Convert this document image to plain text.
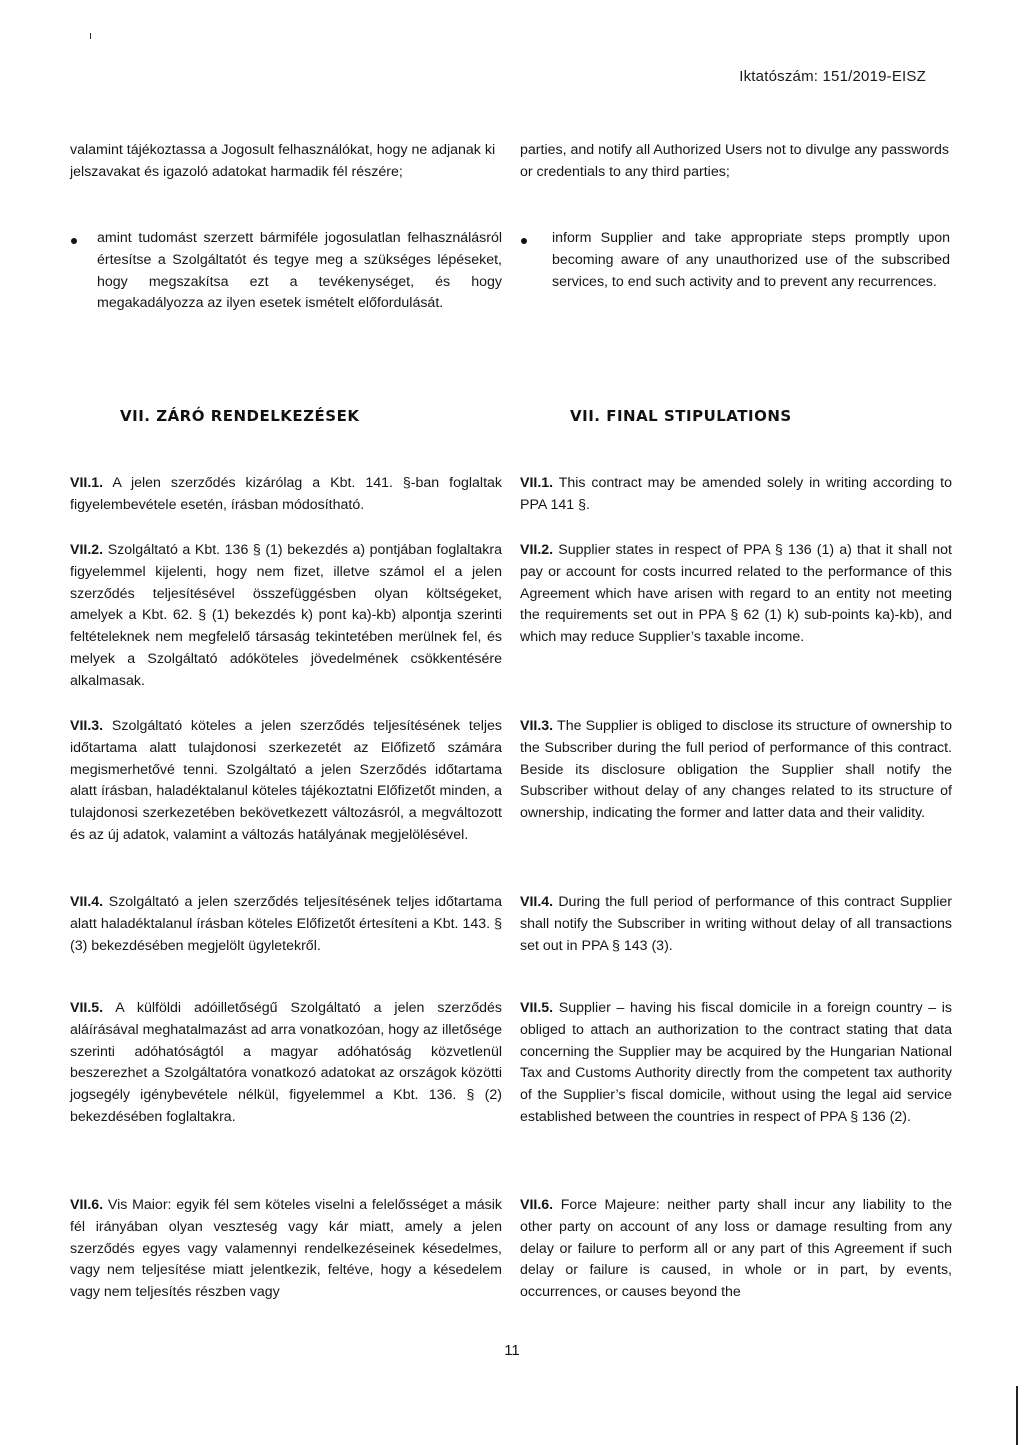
ı
Iktatószám: 151/2019-EISZ
valamint tájékoztassa a Jogosult felhasználókat, hogy ne adjanak ki jelszavakat és igazoló adatokat harmadik fél részére;
parties, and notify all Authorized Users not to divulge any passwords or credentials to any third parties;
amint tudomást szerzett bármiféle jogosulatlan felhasználásról értesítse a Szolgáltatót és tegye meg a szükséges lépéseket, hogy megszakítsa ezt a tevékenységet, és hogy megakadályozza az ilyen esetek ismételt előfordulását.
inform Supplier and take appropriate steps promptly upon becoming aware of any unauthorized use of the subscribed services, to end such activity and to prevent any recurrences.
VII. ZÁRÓ RENDELKEZÉSEK	VII. FINAL STIPULATIONS
VII.1. A jelen szerződés kizárólag a Kbt. 141. §-ban foglaltak figyelembevétele esetén, írásban módosítható.
VII.1. This contract may be amended solely in writing according to PPA 141 §.
VII.2. Szolgáltató a Kbt. 136 § (1) bekezdés a) pontjában foglaltakra figyelemmel kijelenti, hogy nem fizet, illetve számol el a jelen szerződés teljesítésével összefüggésben olyan költségeket, amelyek a Kbt. 62. § (1) bekezdés k) pont ka)-kb) alpontja szerinti feltételeknek nem megfelelő társaság tekintetében merülnek fel, és melyek a Szolgáltató adóköteles jövedelmének csökkentésére alkalmasak.
VII.2. Supplier states in respect of PPA § 136 (1) a) that it shall not pay or account for costs incurred related to the performance of this Agreement which have arisen with regard to an entity not meeting the requirements set out in PPA § 62 (1) k) sub-points ka)-kb), and which may reduce Supplier’s taxable income.
VII.3. Szolgáltató köteles a jelen szerződés teljesítésének teljes időtartama alatt tulajdonosi szerkezetét az Előfizető számára megismerhetővé tenni. Szolgáltató a jelen Szerződés időtartama alatt írásban, haladéktalanul köteles tájékoztatni Előfizetőt minden, a tulajdonosi szerkezetében bekövetkezett változásról, a megváltozott és az új adatok, valamint a változás hatályának megjelölésével.
VII.3. The Supplier is obliged to disclose its structure of ownership to the Subscriber during the full period of performance of this contract. Beside its disclosure obligation the Supplier shall notify the Subscriber without delay of any changes related to its structure of ownership, indicating the former and latter data and their validity.
VII.4. Szolgáltató a jelen szerződés teljesítésének teljes időtartama alatt haladéktalanul írásban köteles Előfizetőt értesíteni a Kbt. 143. § (3) bekezdésében megjelölt ügyletekről.
VII.4. During the full period of performance of this contract Supplier shall notify the Subscriber in writing without delay of all transactions set out in PPA § 143 (3).
VII.5. A külföldi adóilletőségű Szolgáltató a jelen szerződés aláírásával meghatalmazást ad arra vonatkozóan, hogy az illetősége szerinti adóhatóságtól a magyar adóhatóság közvetlenül beszerezhet a Szolgáltatóra vonatkozó adatokat az országok közötti jogsegély igénybevétele nélkül, figyelemmel a Kbt. 136. § (2) bekezdésében foglaltakra.
VII.5. Supplier – having his fiscal domicile in a foreign country – is obliged to attach an authorization to the contract stating that data concerning the Supplier may be acquired by the Hungarian National Tax and Customs Authority directly from the competent tax authority of the Supplier’s fiscal domicile, without using the legal aid service established between the countries in respect of PPA § 136 (2).
VII.6. Vis Maior: egyik fél sem köteles viselni a felelősséget a másik fél irányában olyan veszteség vagy kár miatt, amely a jelen szerződés egyes vagy valamennyi rendelkezéseinek késedelmes, vagy nem teljesítése miatt jelentkezik, feltéve, hogy a késedelem vagy nem teljesítés részben vagy
VII.6. Force Majeure: neither party shall incur any liability to the other party on account of any loss or damage resulting from any delay or failure to perform all or any part of this Agreement if such delay or failure is caused, in whole or in part, by events, occurrences, or causes beyond the
11
